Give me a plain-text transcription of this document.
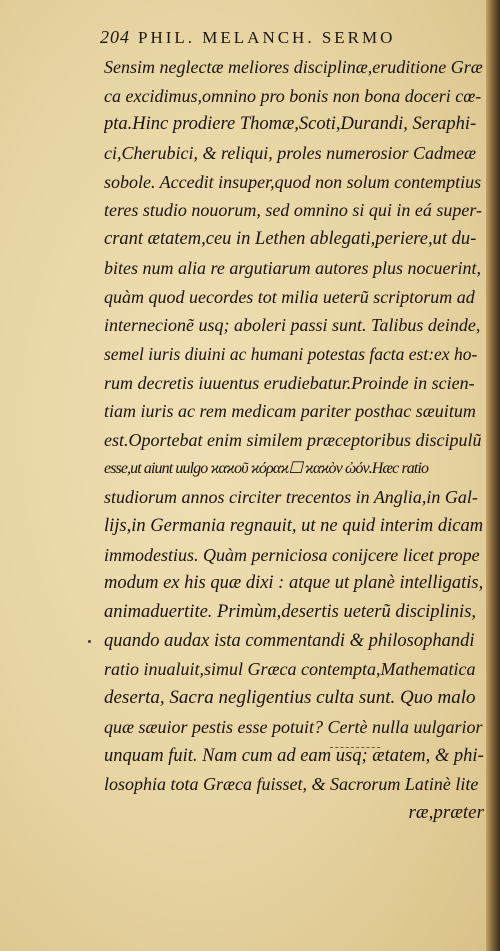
204 PHIL. MELANCH. SERMO
Sensim neglectæ meliores disciplinæ,eruditione Græ
ca excidimus,omnino pro bonis non bona doceri cœ-
pta.Hinc prodiere Thomæ,Scoti,Durandi, Seraphi-
ci,Cherubici, & reliqui, proles numerosior Cadmeæ
sobole. Accedit insuper,quod non solum contemptius
teres studio nouorum, sed omnino si qui in eá super-
crant ætatem,ceu in Lethen ablegati,periere,ut du-
bites num alia re argutiarum autores plus nocuerint,
quàm quod uecordes tot milia ueterũ scriptorum ad
internecionẽ usq; aboleri passi sunt. Talibus deinde,
semel iuris diuini ac humani potestas facta est:ex ho-
rum decretis iuuentus erudiebatur.Proinde in scien-
tiam iuris ac rem medicam pariter posthac sæuitum
est.Oportebat enim similem præceptoribus discipulũ
esse,ut aiunt uulgo ϰαϰοῦ ϰόραϰ☐ ϰαϰὸν ὠόν.Hæc ratio
studiorum annos circiter trecentos in Anglia,in Gal-
lijs,in Germania regnauit, ut ne quid interim dicam
immodestius. Quàm perniciosa conijcere licet prope
modum ex his quæ dixi : atque ut planè intelligatis,
animaduertite. Primùm,desertis ueterũ disciplinis,
quando audax ista commentandi & philosophandi
ratio inualuit,simul Græca contempta,Mathematica
deserta, Sacra negligentius culta sunt. Quo malo
quæ sæuior pestis esse potuit? Certè nulla uulgarior
unquam fuit. Nam cum ad eam usq; ætatem, & phi-
losophia tota Græca fuisset, & Sacrorum Latinè lite
ræ,præter
